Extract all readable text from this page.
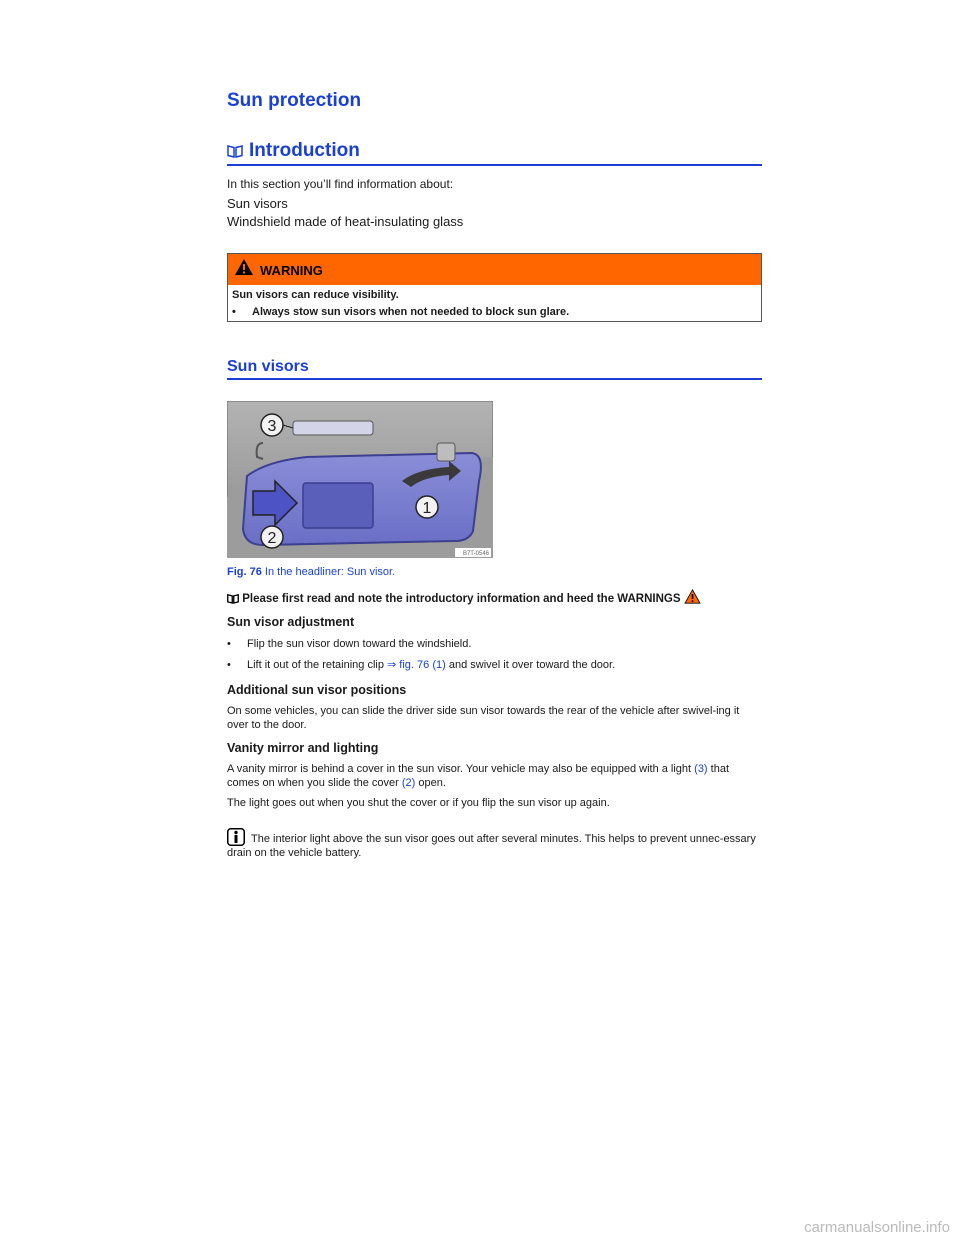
Sun protection
Introduction
In this section you’ll find information about:
Sun visors
Windshield made of heat-insulating glass
WARNING
Sun visors can reduce visibility.
• Always stow sun visors when not needed to block sun glare.
Sun visors
1
2
3
B7T-0546
Fig. 76 In the headliner: Sun visor.
Please first read and note the introductory information and heed the WARNINGS
Sun visor adjustment
• Flip the sun visor down toward the windshield.
• Lift it out of the retaining clip ⇒ fig. 76 (1) and swivel it over toward the door.
Additional sun visor positions
On some vehicles, you can slide the driver side sun visor towards the rear of the vehicle after swivel-ing it over to the door.
Vanity mirror and lighting
A vanity mirror is behind a cover in the sun visor. Your vehicle may also be equipped with a light (3) that comes on when you slide the cover (2) open.
The light goes out when you shut the cover or if you flip the sun visor up again.
The interior light above the sun visor goes out after several minutes. This helps to prevent unnec-essary drain on the vehicle battery.
carmanualsonline.info
